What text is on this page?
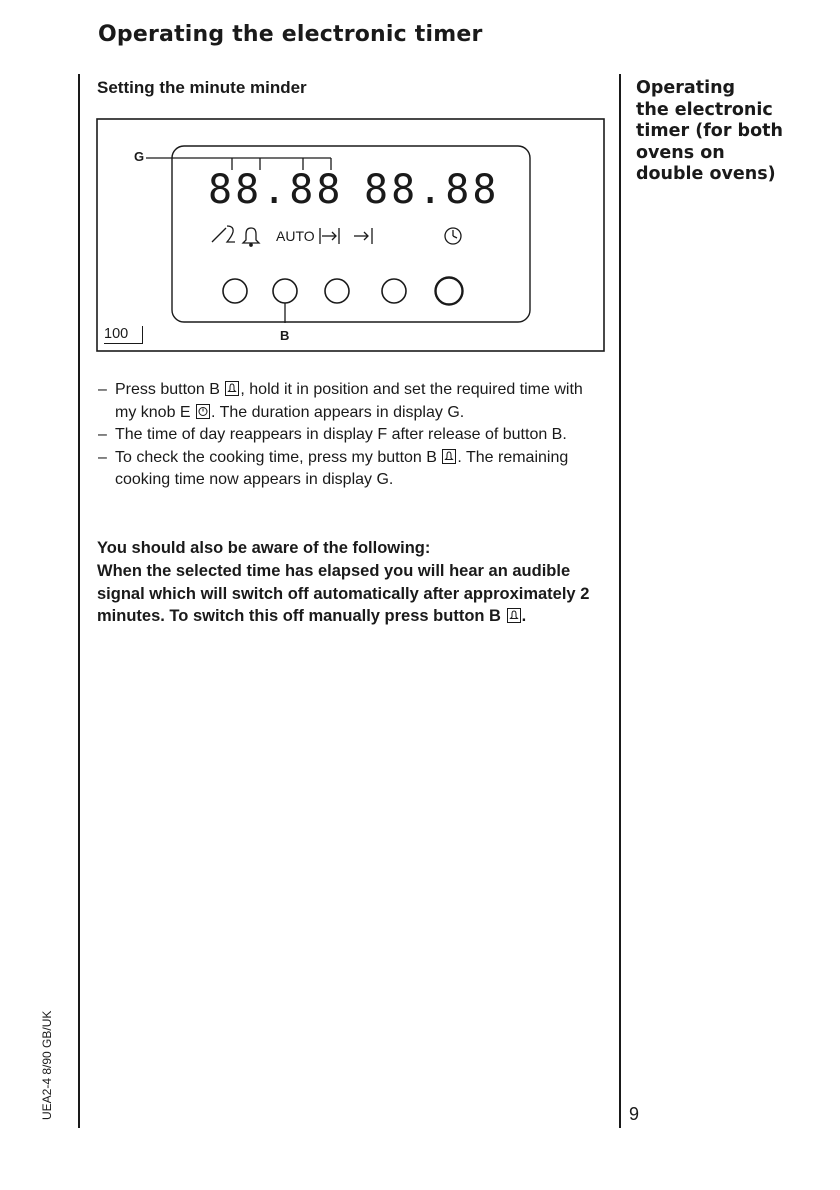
Operating the electronic timer
Setting the minute minder	Operating
the electronic
timer (for both
ovens on
double ovens)
88.88 88.88
AUTO
G
B
100
– Press button B
, hold it in position and set the required time with my knob E
. The duration appears in display G.
– The time of day reappears in display F after release of button B.
– To check the cooking time, press my button B
. The remaining cooking time now appears in display G.

You should also be aware of the following:

When the selected time has elapsed you will hear an audible signal which will switch off automatically after approximately 2 minutes. To switch this off manually press button B .

UEA2-4 8/90 GB/UK	9
